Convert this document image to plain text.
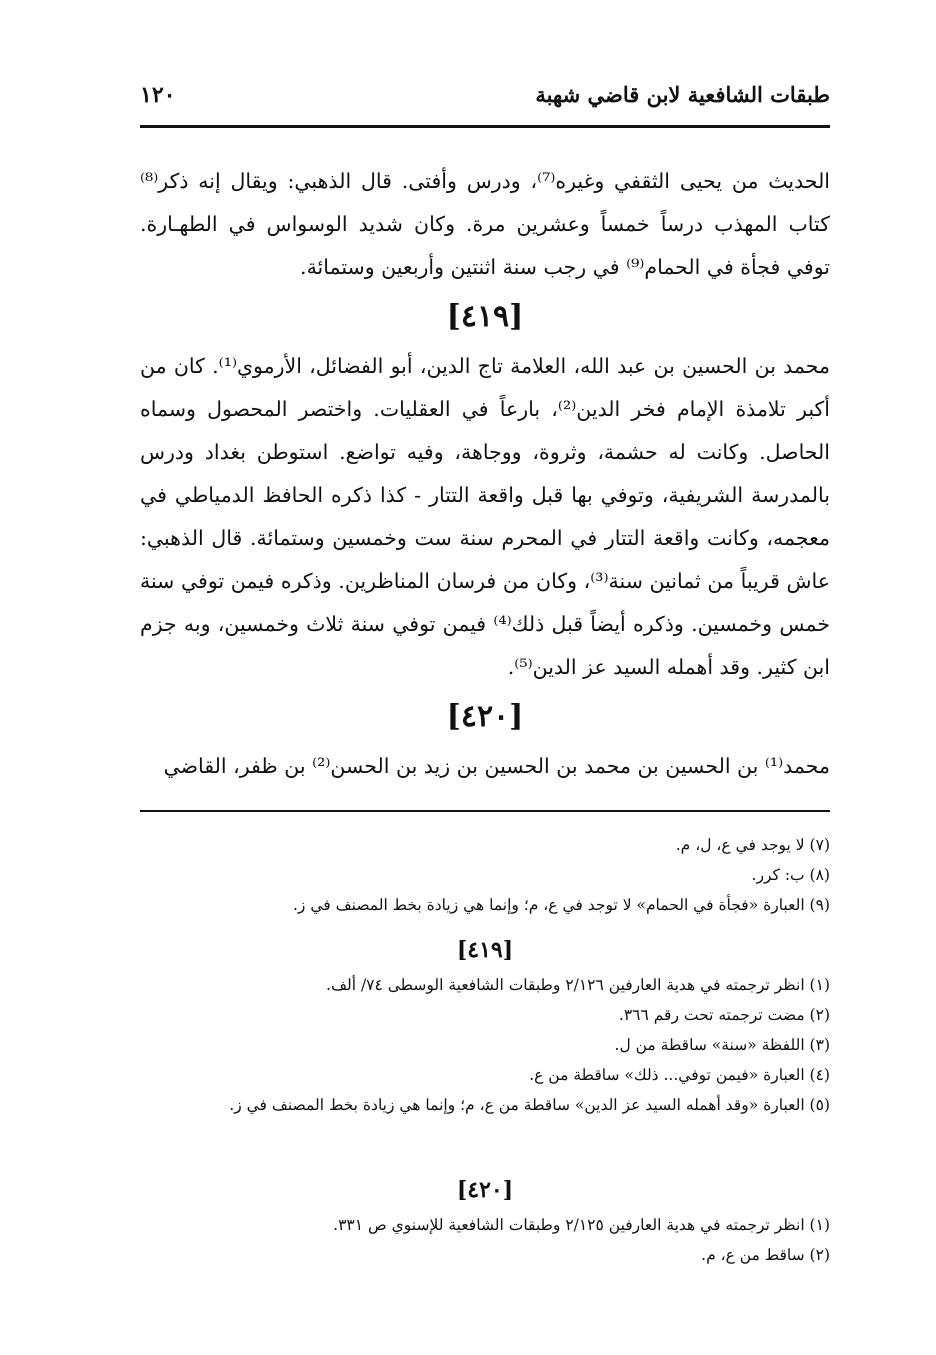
طبقات الشافعية لابن قاضي شهبة
١٢٠

الحديث من يحيى الثقفي وغيره⁽⁷⁾، ودرس وأفتى. قال الذهبي: ويقال إنه ذكر⁽⁸⁾ كتاب المهذب درساً خمساً وعشرين مرة. وكان شديد الوسواس في الطهـارة. توفي فجأة في الحمام⁽⁹⁾ في رجب سنة اثنتين وأربعين وستمائة.

[٤١٩]

محمد بن الحسين بن عبد الله، العلامة تاج الدين، أبو الفضائل، الأرموي⁽¹⁾. كان من أكبر تلامذة الإمام فخر الدين⁽²⁾، بارعاً في العقليات. واختصر المحصول وسماه الحاصل. وكانت له حشمة، وثروة، ووجاهة، وفيه تواضع. استوطن بغداد ودرس بالمدرسة الشريفية، وتوفي بها قبل واقعة التتار - كذا ذكره الحافظ الدمياطي في معجمه، وكانت واقعة التتار في المحرم سنة ست وخمسين وستمائة. قال الذهبي: عاش قريباً من ثمانين سنة⁽³⁾، وكان من فرسان المناظرين. وذكره فيمن توفي سنة خمس وخمسين. وذكره أيضاً قبل ذلك⁽⁴⁾ فيمن توفي سنة ثلاث وخمسين، وبه جزم ابن كثير. وقد أهمله السيد عز الدين⁽⁵⁾.

[٤٢٠]

محمد⁽¹⁾ بن الحسين بن محمد بن الحسين بن زيد بن الحسن⁽²⁾ بن ظفر، القاضي

(٧) لا يوجد في ع، ل، م.
(٨) ب: كرر.
(٩) العبارة «فجأة في الحمام» لا توجد في ع، م؛ وإنما هي زيادة بخط المصنف في ز.
[٤١٩]
(١) انظر ترجمته في هدية العارفين ٢/١٢٦ وطبقات الشافعية الوسطى ٧٤/ ألف.
(٢) مضت ترجمته تحت رقم ٣٦٦.
(٣) اللفظة «سنة» ساقطة من ل.
(٤) العبارة «فيمن توفي... ذلك» ساقطة من ع.
(٥) العبارة «وقد أهمله السيد عز الدين» ساقطة من ع، م؛ وإنما هي زيادة بخط المصنف في ز.
[٤٢٠]
(١) انظر ترجمته في هدية العارفين ٢/١٢٥ وطبقات الشافعية للإسنوي ص ٣٣١.
(٢) ساقط من ع، م.
